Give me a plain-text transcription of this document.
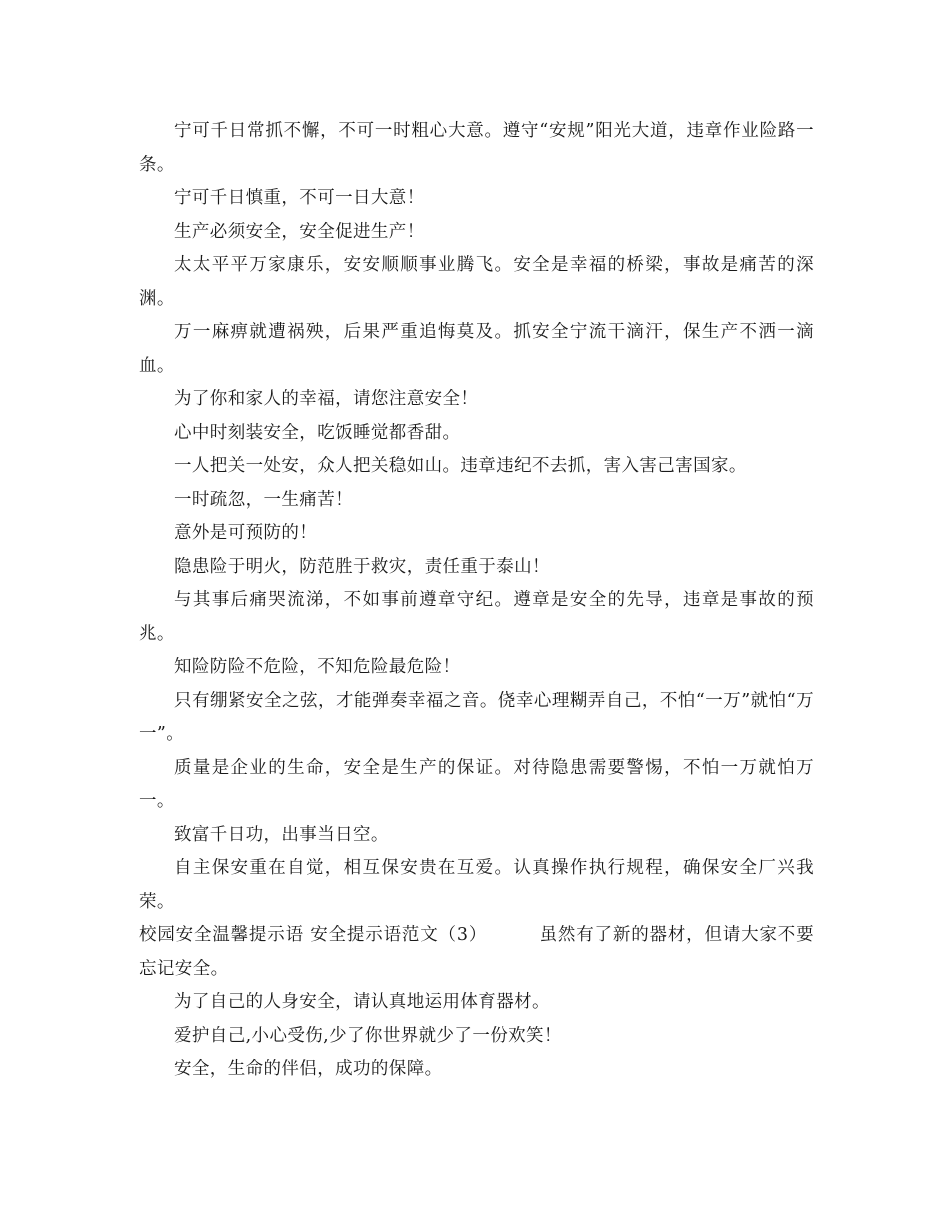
宁可千日常抓不懈，不可一时粗心大意。遵守“安规”阳光大道，违章作业险路一条。

宁可千日慎重，不可一日大意！

生产必须安全，安全促进生产！

太太平平万家康乐，安安顺顺事业腾飞。安全是幸福的桥梁，事故是痛苦的深渊。

万一麻痹就遭祸殃，后果严重追悔莫及。抓安全宁流干滴汗，保生产不洒一滴血。

为了你和家人的幸福，请您注意安全！

心中时刻装安全，吃饭睡觉都香甜。

一人把关一处安，众人把关稳如山。违章违纪不去抓，害入害己害国家。

一时疏忽，一生痛苦！

意外是可预防的！

隐患险于明火，防范胜于救灾，责任重于泰山！

与其事后痛哭流涕，不如事前遵章守纪。遵章是安全的先导，违章是事故的预兆。

知险防险不危险，不知危险最危险！

只有绷紧安全之弦，才能弹奏幸福之音。侥幸心理糊弄自己，不怕“一万”就怕“万一”。

质量是企业的生命，安全是生产的保证。对待隐患需要警惕，不怕一万就怕万一。

致富千日功，出事当日空。

自主保安重在自觉，相互保安贵在互爱。认真操作执行规程，确保安全厂兴我荣。

校园安全温馨提示语 安全提示语范文（3）	虽然有了新的器材，但请大家不要忘记安全。

为了自己的人身安全，请认真地运用体育器材。

爱护自己,小心受伤,少了你世界就少了一份欢笑！

安全，生命的伴侣，成功的保障。
